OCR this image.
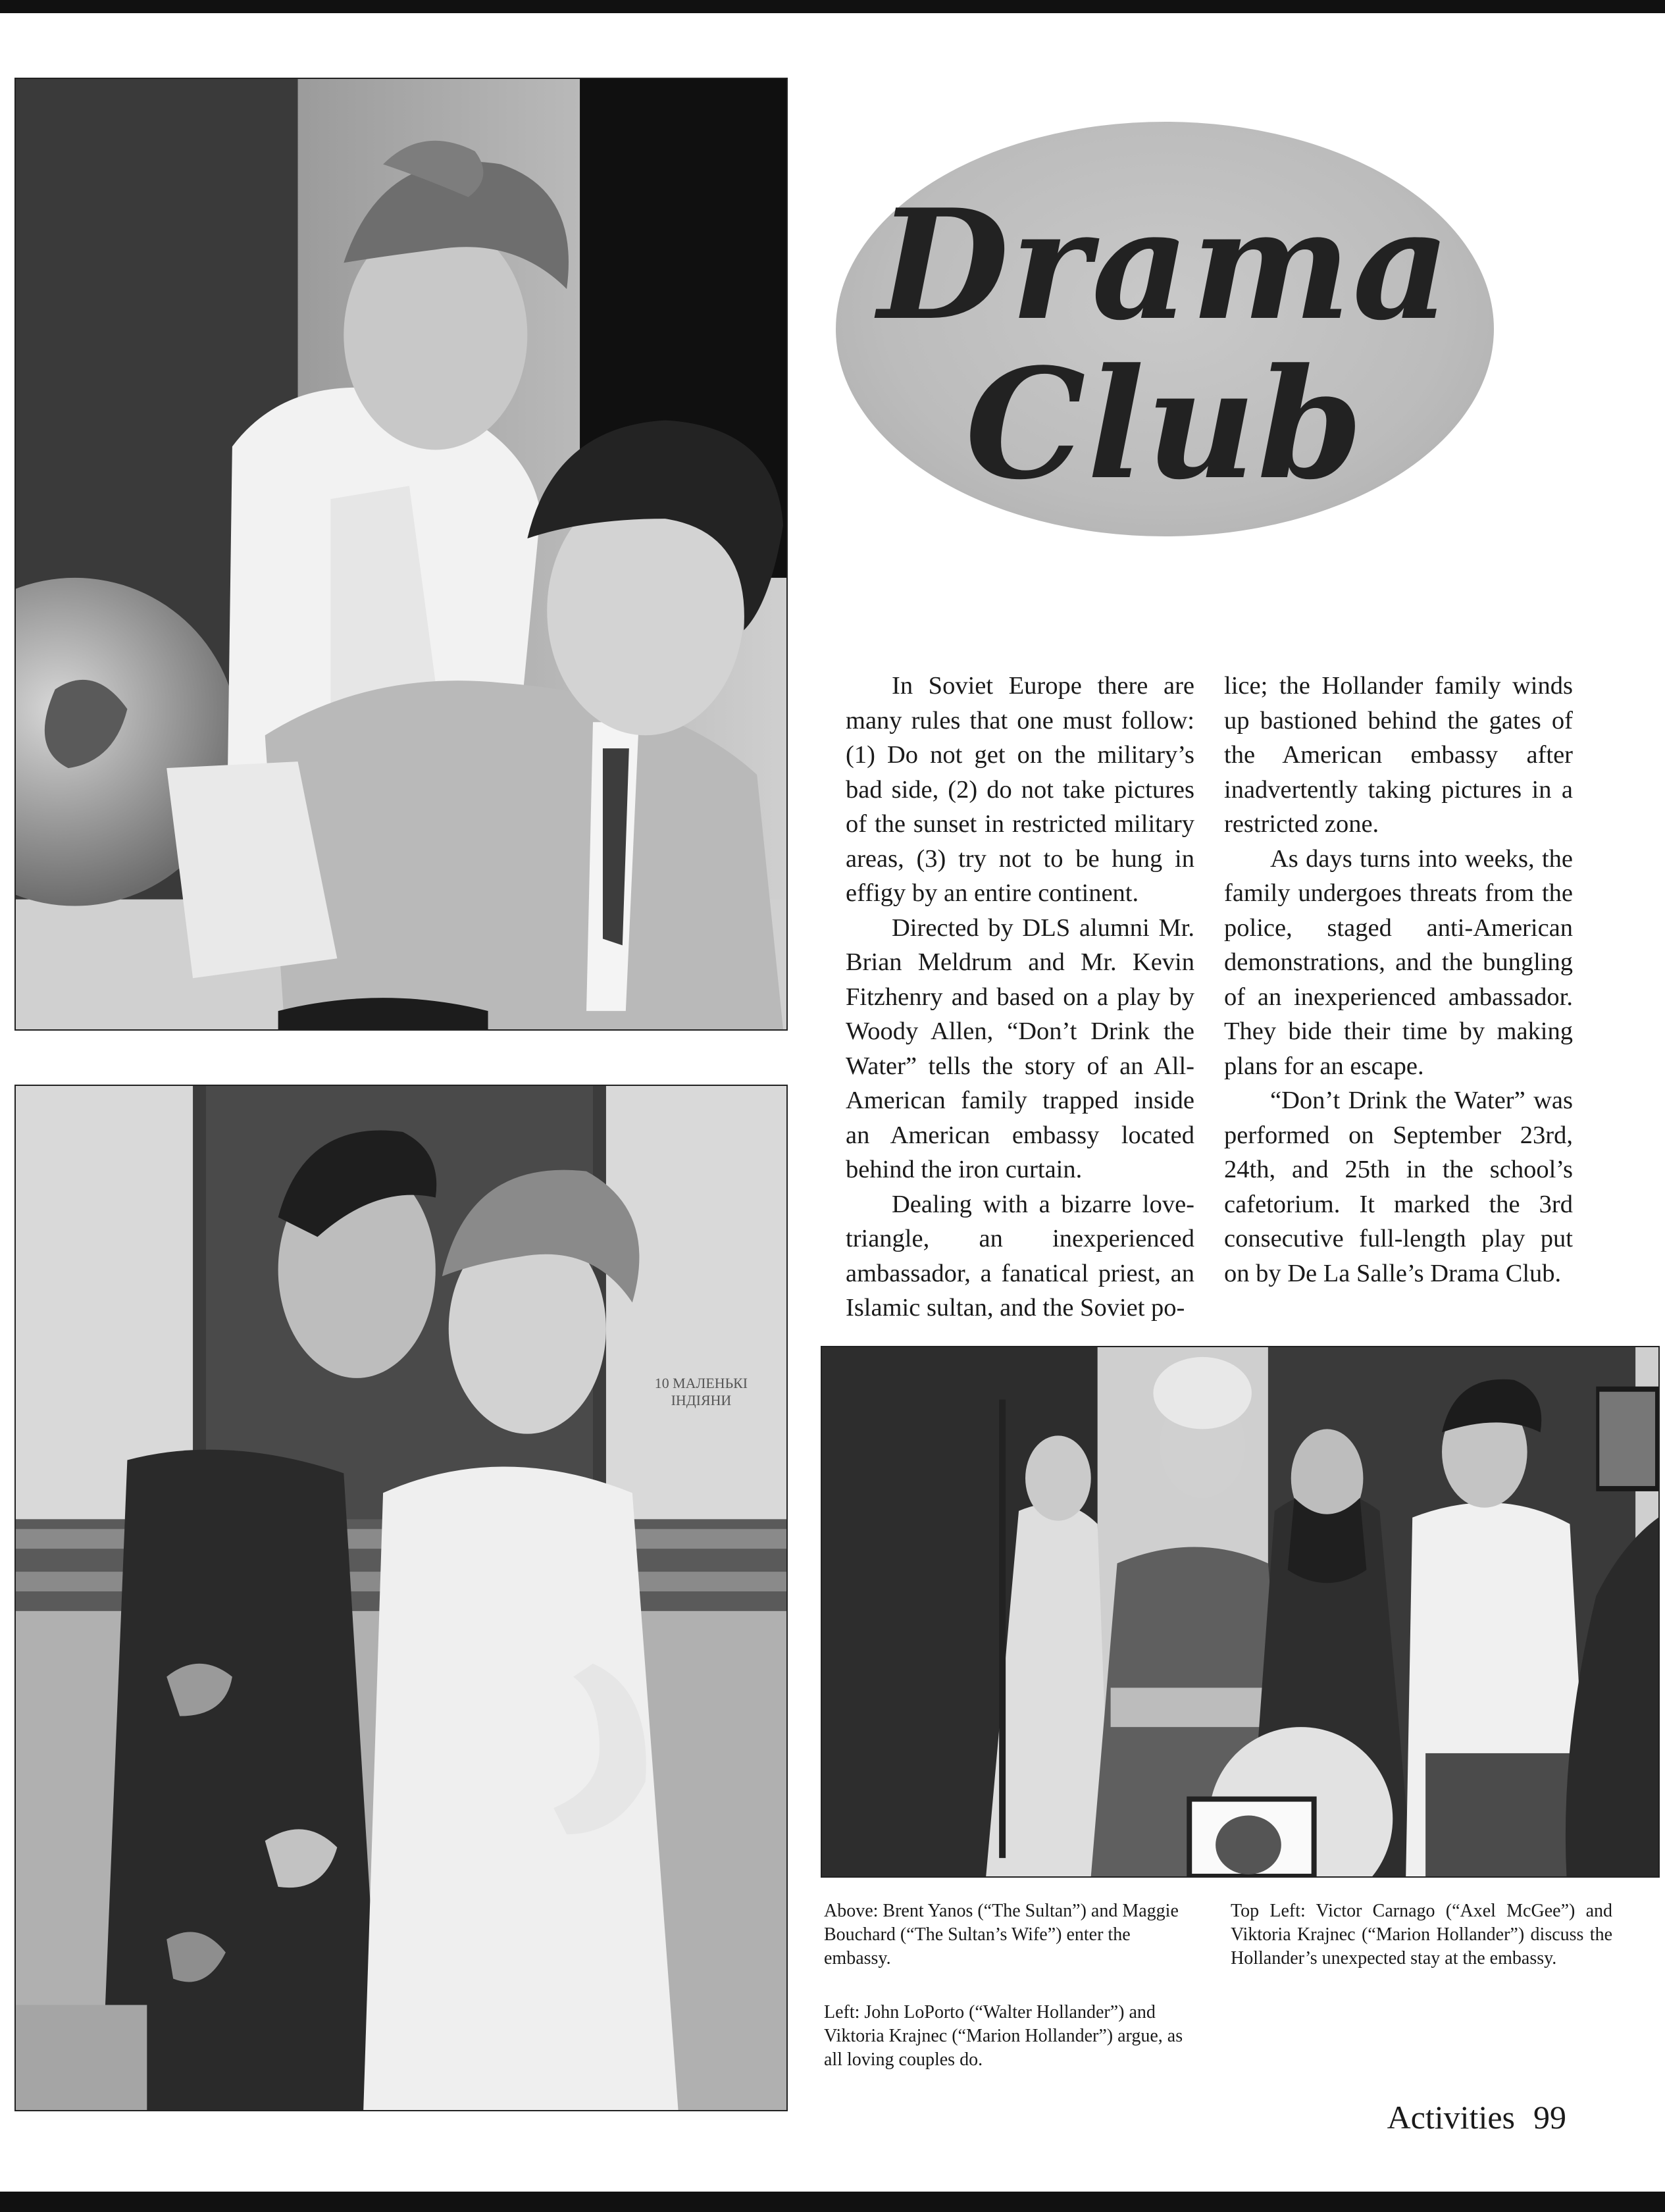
10 МАЛЕНЬКІ
ІНДІЯНИ
Drama
Club

In Soviet Europe there are many rules that one must follow: (1) Do not get on the military’s bad side, (2) do not take pictures of the sunset in restricted military areas, (3) try not to be hung in effigy by an entire continent.

Directed by DLS alumni Mr. Brian Meldrum and Mr. Kevin Fitzhenry and based on a play by Woody Allen, “Don’t Drink the Water” tells the story of an All-American family trapped inside an American embassy located behind the iron curtain.

Dealing with a bizarre love-triangle, an inexperienced ambassador, a fanatical priest, an Islamic sultan, and the Soviet po-

lice; the Hollander family winds up bastioned behind the gates of the American embassy after inadvertently taking pictures in a restricted zone.

As days turns into weeks, the family undergoes threats from the police, staged anti-American demonstrations, and the bungling of an inexperienced ambassador. They bide their time by making plans for an escape.

“Don’t Drink the Water” was performed on September 23rd, 24th, and 25th in the school’s cafetorium. It marked the 3rd consecutive full-length play put on by De La Salle’s Drama Club.

Above: Brent Yanos (“The Sultan”) and Maggie Bouchard (“The Sultan’s Wife”) enter the embassy.

Left: John LoPorto (“Walter Hollander”) and Viktoria Krajnec (“Marion Hollander”) argue, as all loving couples do.

Top Left: Victor Carnago (“Axel McGee”) and Viktoria Krajnec (“Marion Hollander”) discuss the Hollander’s unexpected stay at the embassy.

Activities 99
